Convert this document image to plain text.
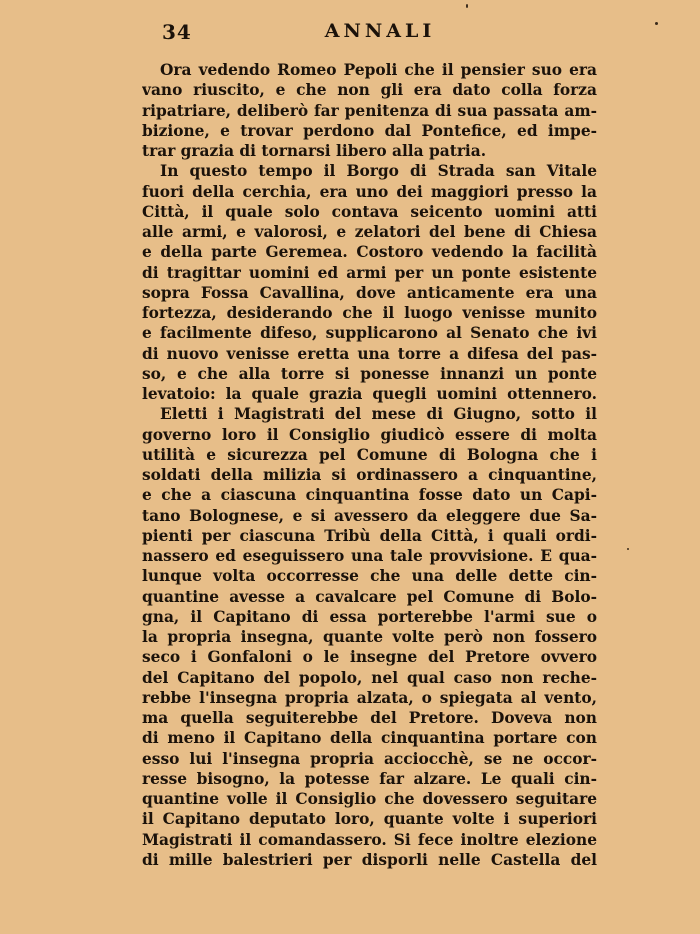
34	ANNALI
Ora vedendo Romeo Pepoli che il pensier suo era
vano riuscito, e che non gli era dato colla forza
ripatriare, deliberò far penitenza di sua passata am-
bizione, e trovar perdono dal Pontefice, ed impe-
trar grazia di tornarsi libero alla patria.
In questo tempo il Borgo di Strada san Vitale
fuori della cerchia, era uno dei maggiori presso la
Città, il quale solo contava seicento uomini atti
alle armi, e valorosi, e zelatori del bene di Chiesa
e della parte Geremea. Costoro vedendo la facilità
di tragittar uomini ed armi per un ponte esistente
sopra Fossa Cavallina, dove anticamente era una
fortezza, desiderando che il luogo venisse munito
e facilmente difeso, supplicarono al Senato che ivi
di nuovo venisse eretta una torre a difesa del pas-
so, e che alla torre si ponesse innanzi un ponte
levatoio: la quale grazia quegli uomini ottennero.
Eletti i Magistrati del mese di Giugno, sotto il
governo loro il Consiglio giudicò essere di molta
utilità e sicurezza pel Comune di Bologna che i
soldati della milizia si ordinassero a cinquantine,
e che a ciascuna cinquantina fosse dato un Capi-
tano Bolognese, e si avessero da eleggere due Sa-
pienti per ciascuna Tribù della Città, i quali ordi-
nassero ed eseguissero una tale provvisione. E qua-
lunque volta occorresse che una delle dette cin-
quantine avesse a cavalcare pel Comune di Bolo-
gna, il Capitano di essa porterebbe l'armi sue o
la propria insegna, quante volte però non fossero
seco i Gonfaloni o le insegne del Pretore ovvero
del Capitano del popolo, nel qual caso non reche-
rebbe l'insegna propria alzata, o spiegata al vento,
ma quella seguiterebbe del Pretore. Doveva non
di meno il Capitano della cinquantina portare con
esso lui l'insegna propria acciocchè, se ne occor-
resse bisogno, la potesse far alzare. Le quali cin-
quantine volle il Consiglio che dovessero seguitare
il Capitano deputato loro, quante volte i superiori
Magistrati il comandassero. Si fece inoltre elezione
di mille balestrieri per disporli nelle Castella del
